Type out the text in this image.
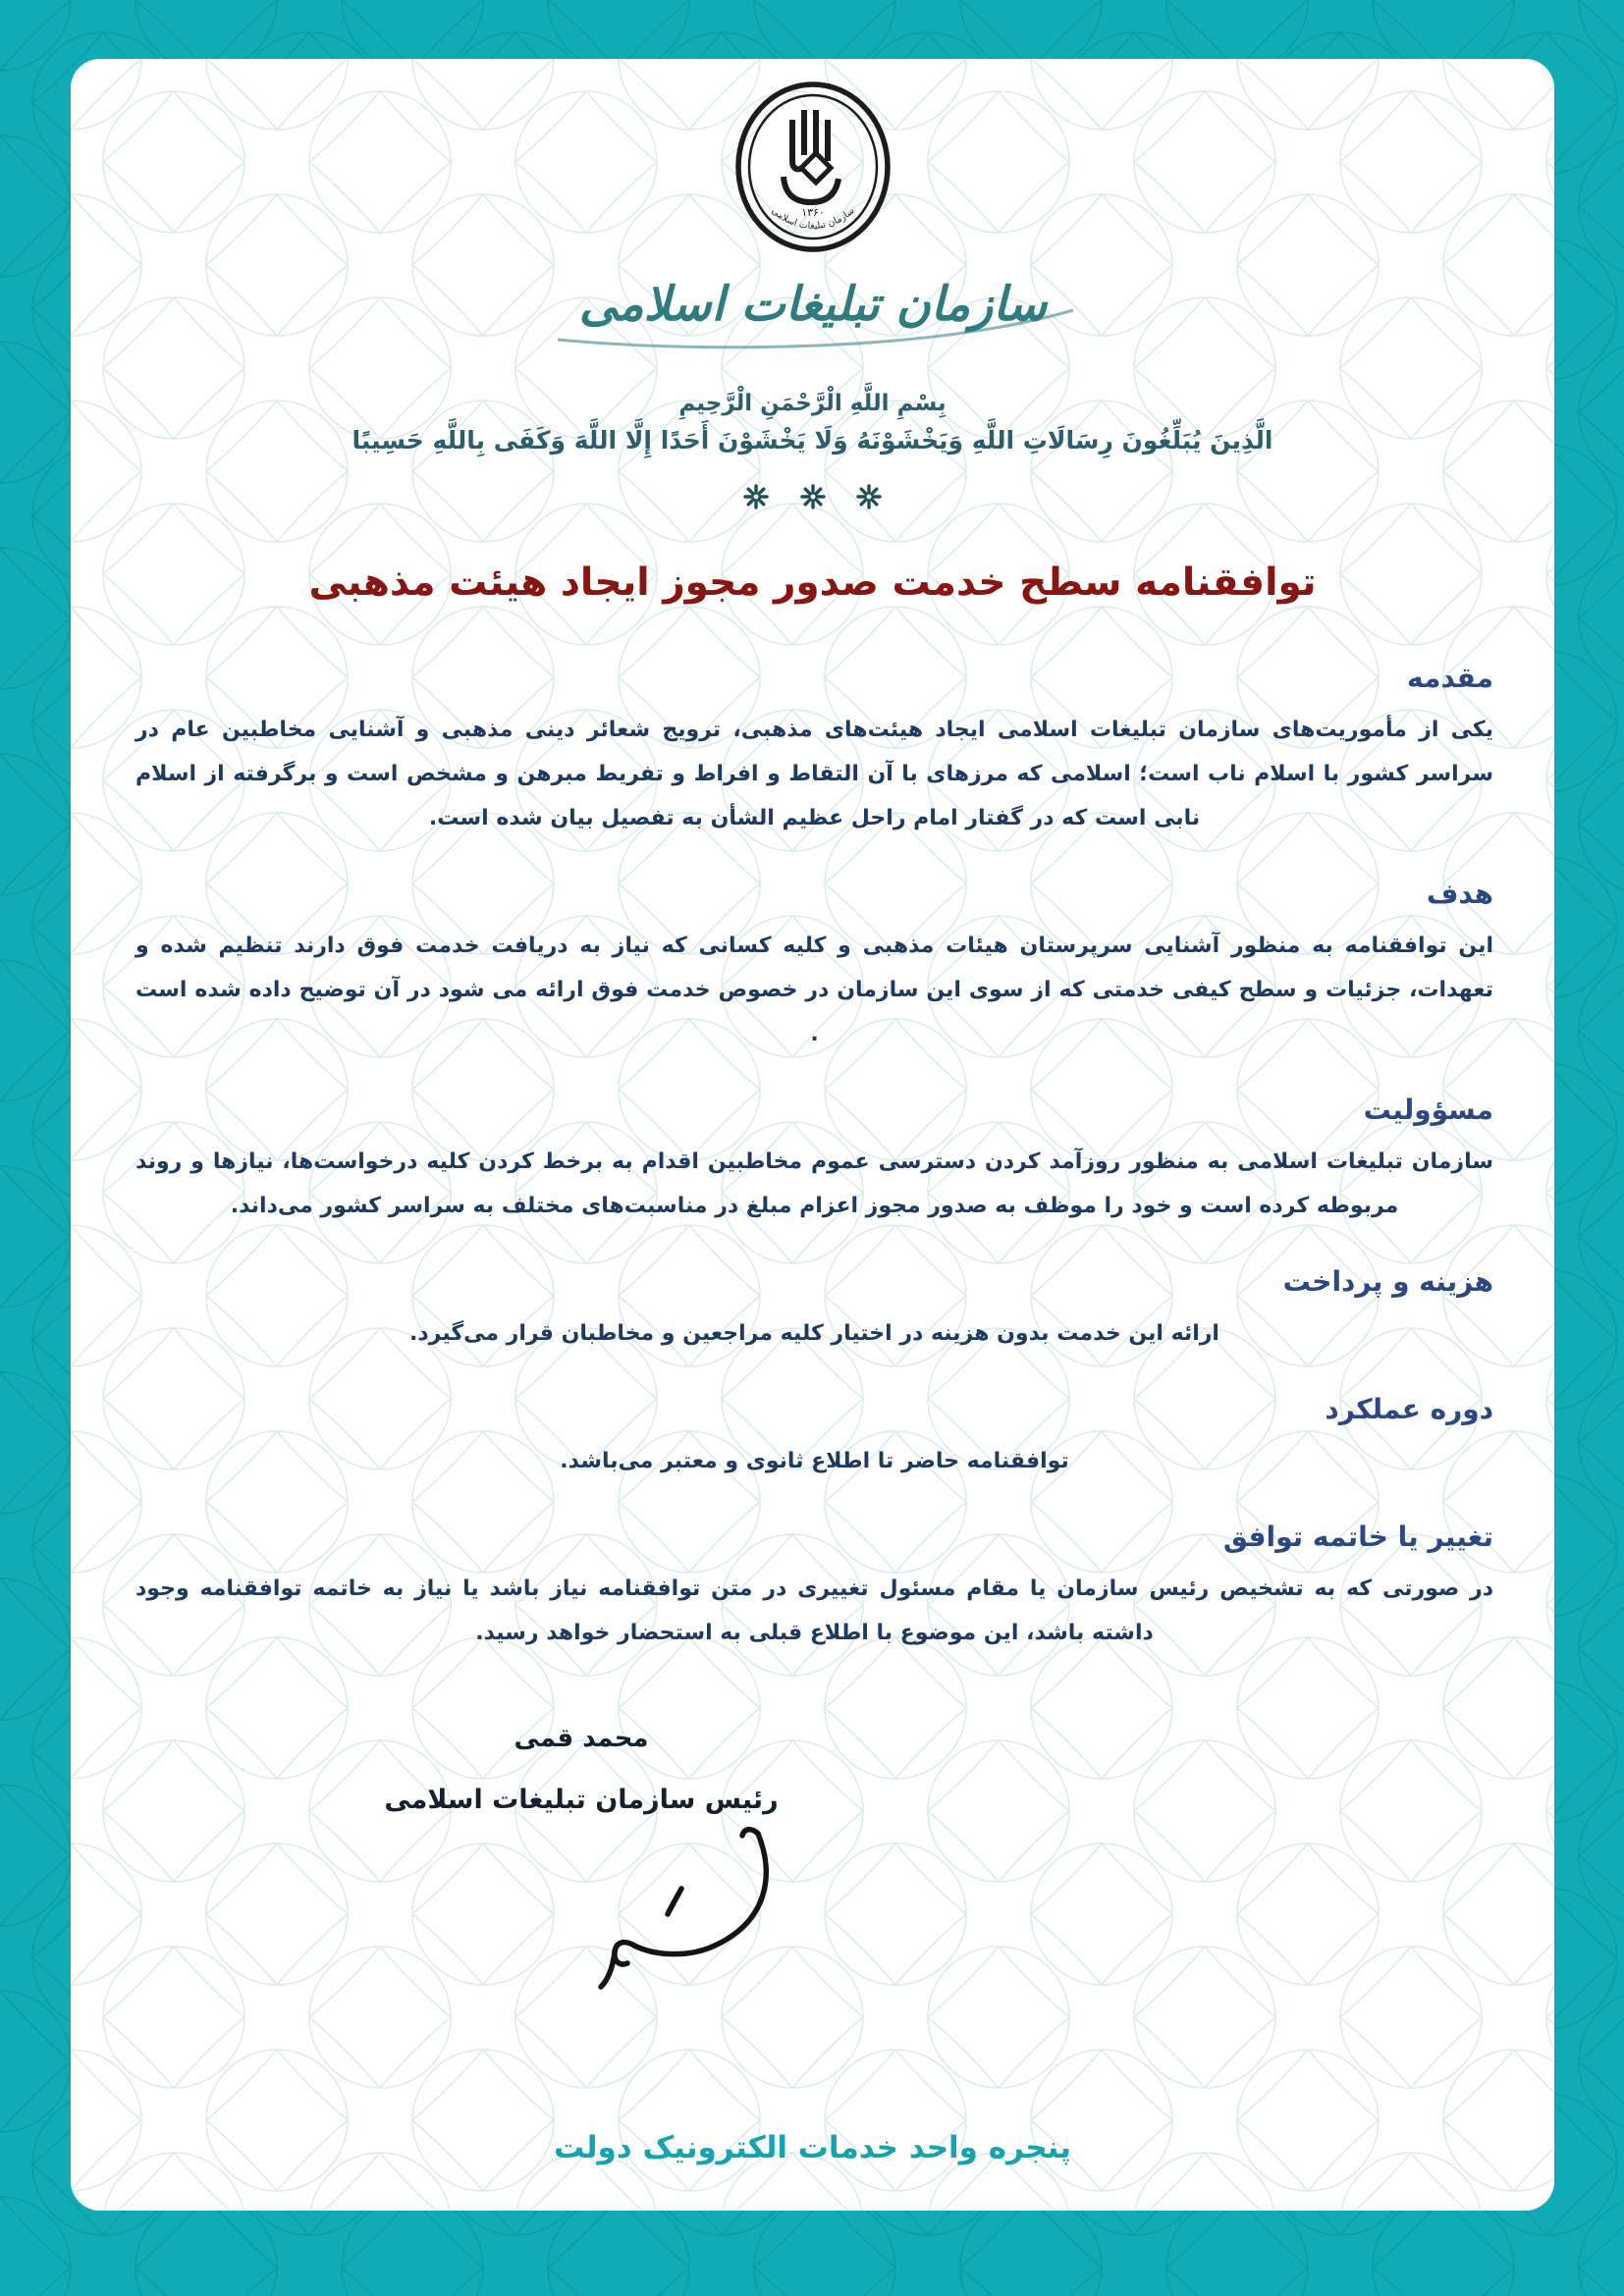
۱۳۶۰
سازمان تبلیغات اسلامی
سازمان تبلیغات اسلامی
بِسْمِ اللَّهِ الْرَّحْمَنِ الْرَّحِيمِ
الَّذِينَ يُبَلِّغُونَ رِسَالَاتِ اللَّهِ وَيَخْشَوْنَهُ وَلَا يَخْشَوْنَ أَحَدًا إِلَّا اللَّهَ وَكَفَى بِاللَّهِ حَسِيبًا

توافقنامه سطح خدمت صدور مجوز ایجاد هیئت مذهبی
مقدمه

یکی از مأموریت‌های سازمان تبلیغات اسلامی ایجاد هیئت‌های مذهبی، ترویج شعائر دینی مذهبی و آشنایی مخاطبین عام در سراسر کشور با اسلام ناب است؛ اسلامی که مرزهای با آن التقاط و افراط و تفریط مبرهن و مشخص است و برگرفته از اسلام نابی است که در گفتار امام راحل عظیم الشأن به تفصیل بیان شده است.

هدف

این توافقنامه به منظور آشنایی سرپرستان هیئات مذهبی و کلیه کسانی که نیاز به دریافت خدمت فوق دارند تنظیم شده و تعهدات، جزئیات و سطح کیفی خدمتی که از سوی این سازمان در خصوص خدمت فوق ارائه می شود در آن توضیح داده شده است .

مسؤولیت

سازمان تبلیغات اسلامی به منظور روزآمد کردن دسترسی عموم مخاطبین اقدام به برخط کردن کلیه درخواست‌ها، نیازها و روند مربوطه کرده است و خود را موظف به صدور مجوز اعزام مبلغ در مناسبت‌های مختلف به سراسر کشور می‌داند.

هزینه و پرداخت

ارائه این خدمت بدون هزینه در اختیار کلیه مراجعین و مخاطبان قرار می‌گیرد.

دوره عملکرد

توافقنامه حاضر تا اطلاع ثانوی و معتبر می‌باشد.

تغییر یا خاتمه توافق

در صورتی که به تشخیص رئیس سازمان یا مقام مسئول تغییری در متن توافقنامه نیاز باشد یا نیاز به خاتمه توافقنامه وجود داشته باشد، این موضوع با اطلاع قبلی به استحضار خواهد رسید.

محمد قمی
رئیس سازمان تبلیغات اسلامی
پنجره واحد خدمات الکترونیک دولت
